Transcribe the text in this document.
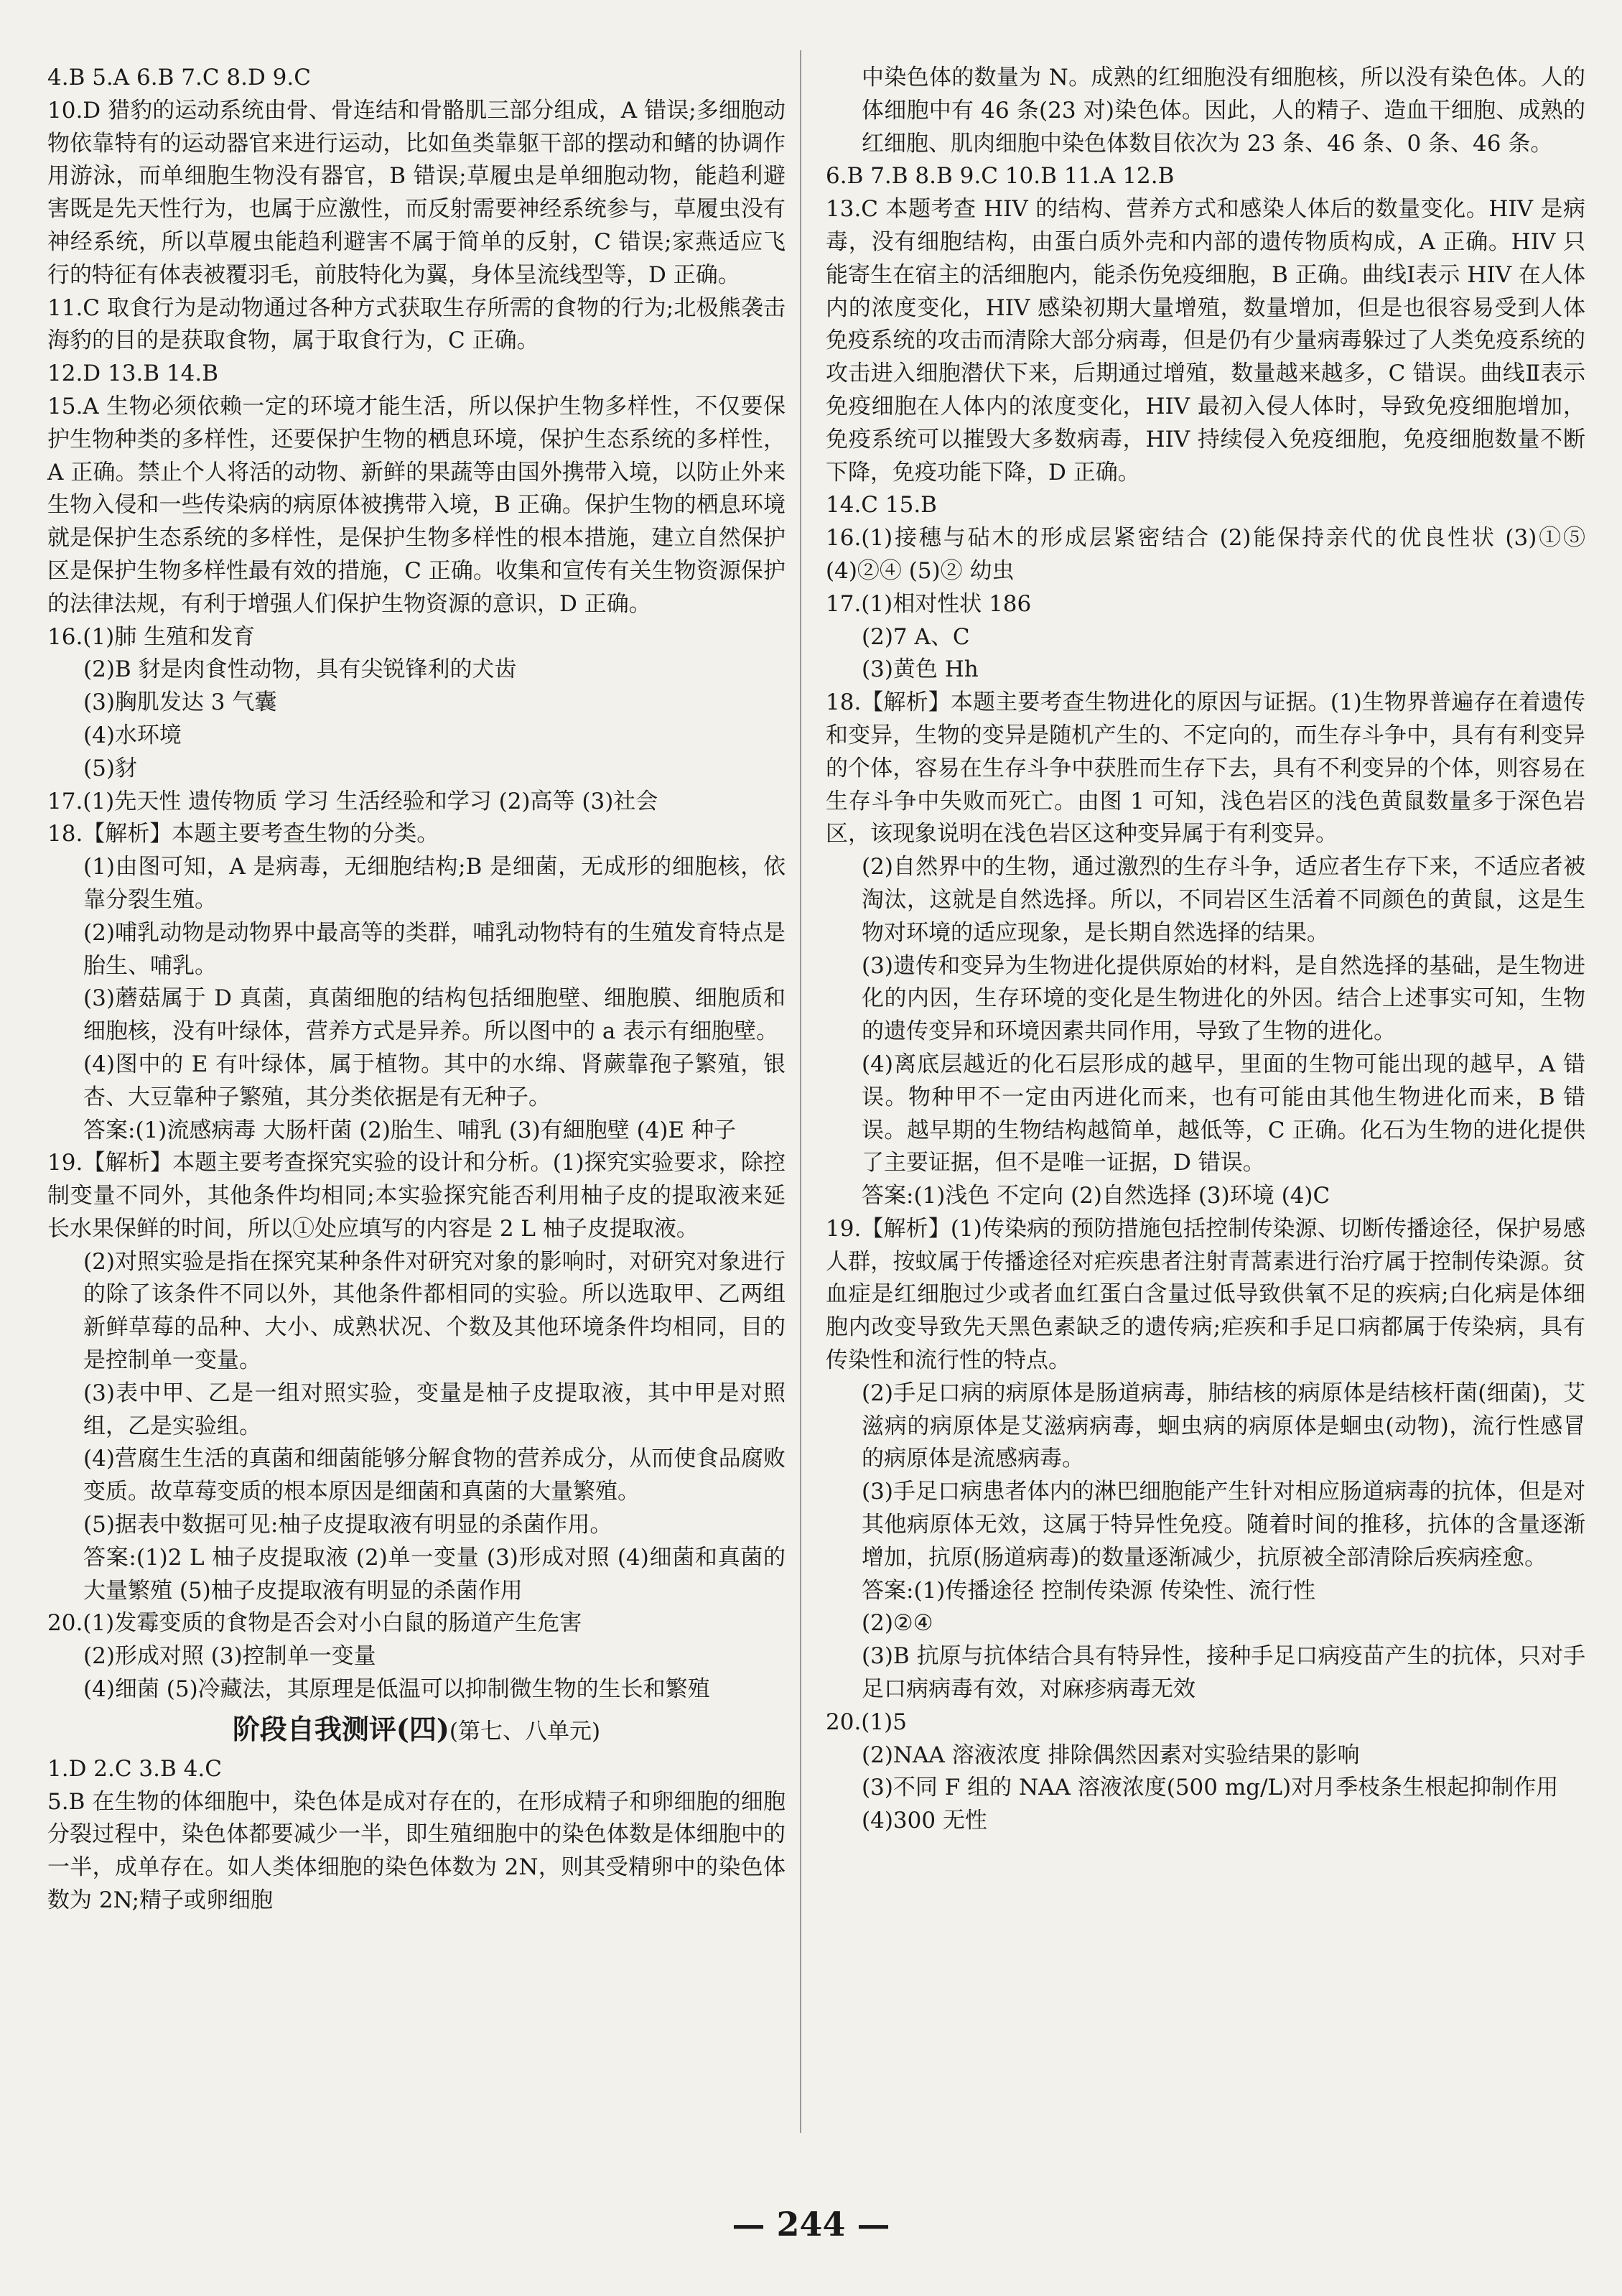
4.B 5.A 6.B 7.C 8.D 9.C

10.D 猎豹的运动系统由骨、骨连结和骨骼肌三部分组成，A 错误;多细胞动物依靠特有的运动器官来进行运动，比如鱼类靠躯干部的摆动和鳍的协调作用游泳，而单细胞生物没有器官，B 错误;草履虫是单细胞动物，能趋利避害既是先天性行为，也属于应激性，而反射需要神经系统参与，草履虫没有神经系统，所以草履虫能趋利避害不属于简单的反射，C 错误;家燕适应飞行的特征有体表被覆羽毛，前肢特化为翼，身体呈流线型等，D 正确。

11.C 取食行为是动物通过各种方式获取生存所需的食物的行为;北极熊袭击海豹的目的是获取食物，属于取食行为，C 正确。

12.D 13.B 14.B

15.A 生物必须依赖一定的环境才能生活，所以保护生物多样性，不仅要保护生物种类的多样性，还要保护生物的栖息环境，保护生态系统的多样性，A 正确。禁止个人将活的动物、新鲜的果蔬等由国外携带入境，以防止外来生物入侵和一些传染病的病原体被携带入境，B 正确。保护生物的栖息环境就是保护生态系统的多样性，是保护生物多样性的根本措施，建立自然保护区是保护生物多样性最有效的措施，C 正确。收集和宣传有关生物资源保护的法律法规，有利于增强人们保护生物资源的意识，D 正确。

16.(1)肺 生殖和发育

(2)B 豺是肉食性动物，具有尖锐锋利的犬齿

(3)胸肌发达 3 气囊

(4)水环境

(5)豺

17.(1)先天性 遗传物质 学习 生活经验和学习 (2)高等 (3)社会

18.【解析】本题主要考查生物的分类。

(1)由图可知，A 是病毒，无细胞结构;B 是细菌，无成形的细胞核，依靠分裂生殖。

(2)哺乳动物是动物界中最高等的类群，哺乳动物特有的生殖发育特点是胎生、哺乳。

(3)蘑菇属于 D 真菌，真菌细胞的结构包括细胞壁、细胞膜、细胞质和细胞核，没有叶绿体，营养方式是异养。所以图中的 a 表示有细胞壁。

(4)图中的 E 有叶绿体，属于植物。其中的水绵、肾蕨靠孢子繁殖，银杏、大豆靠种子繁殖，其分类依据是有无种子。

答案:(1)流感病毒 大肠杆菌 (2)胎生、哺乳 (3)有細胞壁 (4)E 种子

19.【解析】本题主要考查探究实验的设计和分析。(1)探究实验要求，除控制变量不同外，其他条件均相同;本实验探究能否利用柚子皮的提取液来延长水果保鲜的时间，所以①处应填写的内容是 2 L 柚子皮提取液。

(2)对照实验是指在探究某种条件对研究对象的影响时，对研究对象进行的除了该条件不同以外，其他条件都相同的实验。所以选取甲、乙两组新鲜草莓的品种、大小、成熟状况、个数及其他环境条件均相同，目的是控制单一变量。

(3)表中甲、乙是一组对照实验，变量是柚子皮提取液，其中甲是对照组，乙是实验组。

(4)营腐生生活的真菌和细菌能够分解食物的营养成分，从而使食品腐败变质。故草莓变质的根本原因是细菌和真菌的大量繁殖。

(5)据表中数据可见:柚子皮提取液有明显的杀菌作用。

答案:(1)2 L 柚子皮提取液 (2)单一变量 (3)形成对照 (4)细菌和真菌的大量繁殖 (5)柚子皮提取液有明显的杀菌作用

20.(1)发霉变质的食物是否会对小白鼠的肠道产生危害

(2)形成对照 (3)控制单一变量

(4)细菌 (5)冷藏法，其原理是低温可以抑制微生物的生长和繁殖

阶段自我测评(四)(第七、八单元)

1.D 2.C 3.B 4.C

5.B 在生物的体细胞中，染色体是成对存在的，在形成精子和卵细胞的细胞分裂过程中，染色体都要减少一半，即生殖细胞中的染色体数是体细胞中的一半，成单存在。如人类体细胞的染色体数为 2N，则其受精卵中的染色体数为 2N;精子或卵细胞

中染色体的数量为 N。成熟的红细胞没有细胞核，所以没有染色体。人的体细胞中有 46 条(23 对)染色体。因此，人的精子、造血干细胞、成熟的红细胞、肌肉细胞中染色体数目依次为 23 条、46 条、0 条、46 条。

6.B 7.B 8.B 9.C 10.B 11.A 12.B

13.C 本题考查 HIV 的结构、营养方式和感染人体后的数量变化。HIV 是病毒，没有细胞结构，由蛋白质外壳和内部的遗传物质构成，A 正确。HIV 只能寄生在宿主的活细胞内，能杀伤免疫细胞，B 正确。曲线Ⅰ表示 HIV 在人体内的浓度变化，HIV 感染初期大量增殖，数量增加，但是也很容易受到人体免疫系统的攻击而清除大部分病毒，但是仍有少量病毒躲过了人类免疫系统的攻击进入细胞潜伏下来，后期通过增殖，数量越来越多，C 错误。曲线Ⅱ表示免疫细胞在人体内的浓度变化，HIV 最初入侵人体时，导致免疫细胞增加，免疫系统可以摧毁大多数病毒，HIV 持续侵入免疫细胞，免疫细胞数量不断下降，免疫功能下降，D 正确。

14.C 15.B

16.(1)接穗与砧木的形成层紧密结合 (2)能保持亲代的优良性状 (3)①⑤ (4)②④ (5)② 幼虫

17.(1)相对性状 186

(2)7 A、C

(3)黄色 Hh

18.【解析】本题主要考查生物进化的原因与证据。(1)生物界普遍存在着遗传和变异，生物的变异是随机产生的、不定向的，而生存斗争中，具有有利变异的个体，容易在生存斗争中获胜而生存下去，具有不利变异的个体，则容易在生存斗争中失败而死亡。由图 1 可知，浅色岩区的浅色黄鼠数量多于深色岩区，该现象说明在浅色岩区这种变异属于有利变异。

(2)自然界中的生物，通过激烈的生存斗争，适应者生存下来，不适应者被淘汰，这就是自然选择。所以，不同岩区生活着不同颜色的黄鼠，这是生物对环境的适应现象，是长期自然选择的结果。

(3)遗传和变异为生物进化提供原始的材料，是自然选择的基础，是生物进化的内因，生存环境的变化是生物进化的外因。结合上述事实可知，生物的遗传变异和环境因素共同作用，导致了生物的进化。

(4)离底层越近的化石层形成的越早，里面的生物可能出现的越早，A 错误。物种甲不一定由丙进化而来，也有可能由其他生物进化而来，B 错误。越早期的生物结构越简单，越低等，C 正确。化石为生物的进化提供了主要证据，但不是唯一证据，D 错误。

答案:(1)浅色 不定向 (2)自然选择 (3)环境 (4)C

19.【解析】(1)传染病的预防措施包括控制传染源、切断传播途径，保护易感人群，按蚊属于传播途径对疟疾患者注射青蒿素进行治疗属于控制传染源。贫血症是红细胞过少或者血红蛋白含量过低导致供氧不足的疾病;白化病是体细胞内改变导致先天黑色素缺乏的遗传病;疟疾和手足口病都属于传染病，具有传染性和流行性的特点。

(2)手足口病的病原体是肠道病毒，肺结核的病原体是结核杆菌(细菌)，艾滋病的病原体是艾滋病病毒，蛔虫病的病原体是蛔虫(动物)，流行性感冒的病原体是流感病毒。

(3)手足口病患者体内的淋巴细胞能产生针对相应肠道病毒的抗体，但是对其他病原体无效，这属于特异性免疫。随着时间的推移，抗体的含量逐渐增加，抗原(肠道病毒)的数量逐渐减少，抗原被全部清除后疾病痊愈。

答案:(1)传播途径 控制传染源 传染性、流行性

(2)②④

(3)B 抗原与抗体结合具有特异性，接种手足口病疫苗产生的抗体，只对手足口病病毒有效，对麻疹病毒无效

20.(1)5

(2)NAA 溶液浓度 排除偶然因素对实验结果的影响

(3)不同 F 组的 NAA 溶液浓度(500 mg/L)对月季枝条生根起抑制作用

(4)300 无性

— 244 —
